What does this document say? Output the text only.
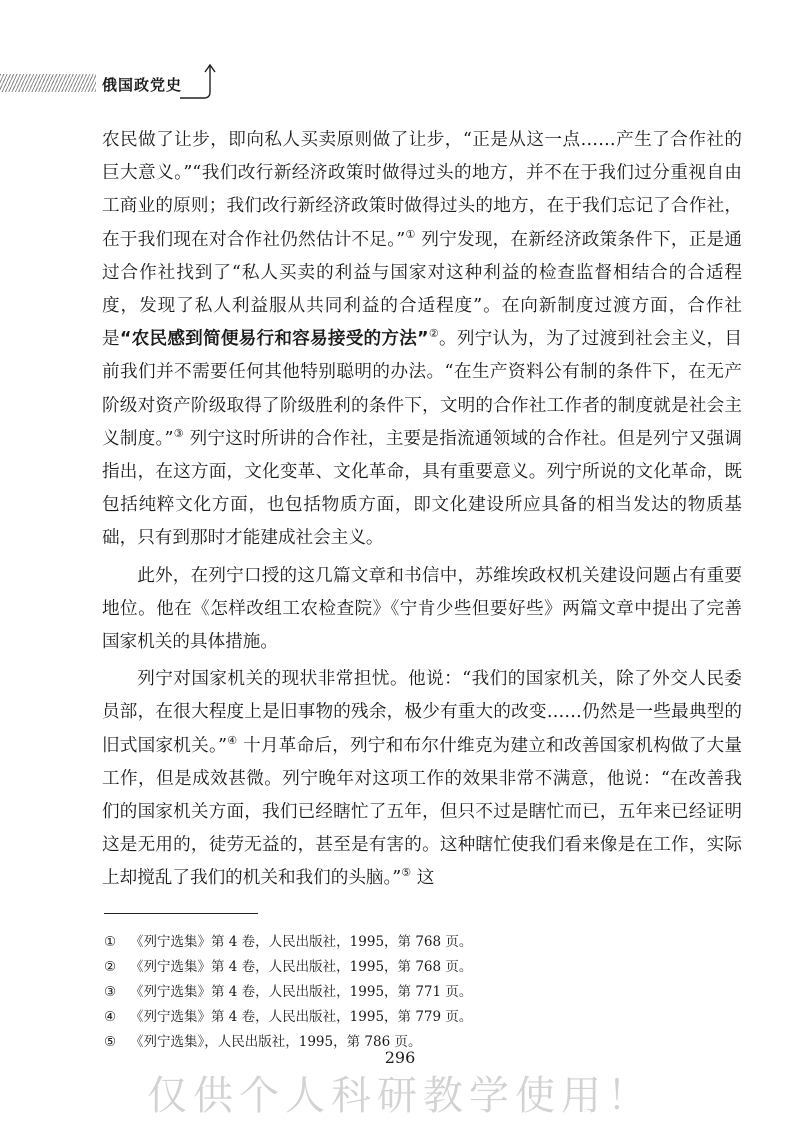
俄国政党史

农民做了让步，即向私人买卖原则做了让步，“正是从这一点……产生了合作社的巨大意义。”“我们改行新经济政策时做得过头的地方，并不在于我们过分重视自由工商业的原则；我们改行新经济政策时做得过头的地方，在于我们忘记了合作社，在于我们现在对合作社仍然估计不足。”① 列宁发现，在新经济政策条件下，正是通过合作社找到了“私人买卖的利益与国家对这种利益的检查监督相结合的合适程度，发现了私人利益服从共同利益的合适程度”。在向新制度过渡方面，合作社是“农民感到简便易行和容易接受的方法”②。列宁认为，为了过渡到社会主义，目前我们并不需要任何其他特别聪明的办法。“在生产资料公有制的条件下，在无产阶级对资产阶级取得了阶级胜利的条件下，文明的合作社工作者的制度就是社会主义制度。”③ 列宁这时所讲的合作社，主要是指流通领域的合作社。但是列宁又强调指出，在这方面，文化变革、文化革命，具有重要意义。列宁所说的文化革命，既包括纯粹文化方面，也包括物质方面，即文化建设所应具备的相当发达的物质基础，只有到那时才能建成社会主义。

此外，在列宁口授的这几篇文章和书信中，苏维埃政权机关建设问题占有重要地位。他在《怎样改组工农检查院》《宁肯少些但要好些》两篇文章中提出了完善国家机关的具体措施。

列宁对国家机关的现状非常担忧。他说：“我们的国家机关，除了外交人民委员部，在很大程度上是旧事物的残余，极少有重大的改变……仍然是一些最典型的旧式国家机关。”④ 十月革命后，列宁和布尔什维克为建立和改善国家机构做了大量工作，但是成效甚微。列宁晚年对这项工作的效果非常不满意，他说：“在改善我们的国家机关方面，我们已经瞎忙了五年，但只不过是瞎忙而已，五年来已经证明这是无用的，徒劳无益的，甚至是有害的。这种瞎忙使我们看来像是在工作，实际上却搅乱了我们的机关和我们的头脑。”⑤ 这

① 《列宁选集》第 4 卷，人民出版社，1995，第 768 页。
② 《列宁选集》第 4 卷，人民出版社，1995，第 768 页。
③ 《列宁选集》第 4 卷，人民出版社，1995，第 771 页。
④ 《列宁选集》第 4 卷，人民出版社，1995，第 779 页。
⑤ 《列宁选集》，人民出版社，1995，第 786 页。
296
仅供个人科研教学使用！
